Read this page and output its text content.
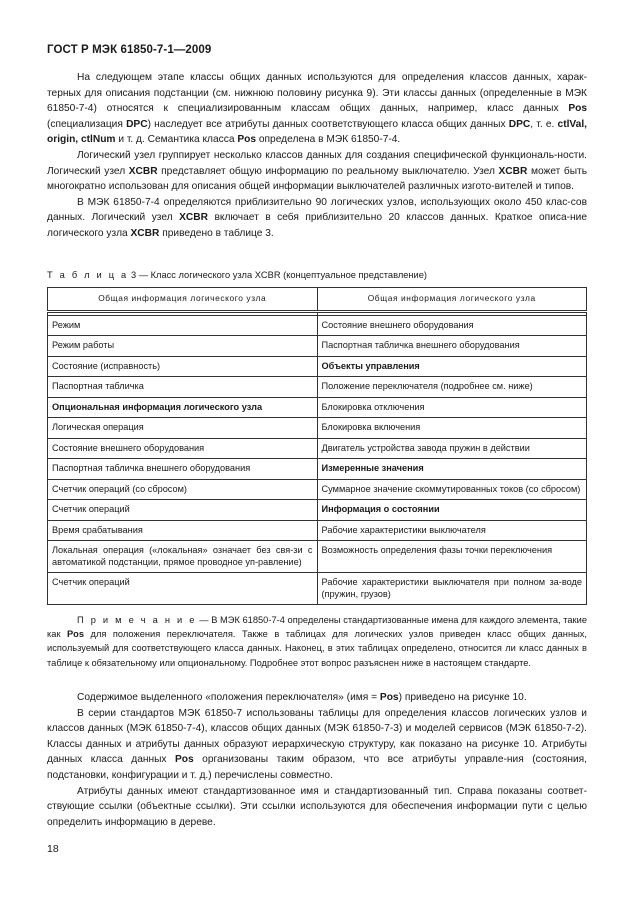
ГОСТ Р МЭК 61850-7-1—2009

На следующем этапе классы общих данных используются для определения классов данных, харак-терных для описания подстанции (см. нижнюю половину рисунка 9). Эти классы данных (определенные в МЭК 61850-7-4) относятся к специализированным классам общих данных, например, класс данных Pos (специализация DPC) наследует все атрибуты данных соответствующего класса общих данных DPC, т. е. ctlVal, origin, ctlNum и т. д. Семантика класса Pos определена в МЭК 61850-7-4.

Логический узел группирует несколько классов данных для создания специфической функциональ-ности. Логический узел XCBR представляет общую информацию по реальному выключателю. Узел XCBR может быть многократно использован для описания общей информации выключателей различных изгото-вителей и типов.

В МЭК 61850-7-4 определяются приблизительно 90 логических узлов, использующих около 450 клас-сов данных. Логический узел XCBR включает в себя приблизительно 20 классов данных. Краткое описа-ние логического узла XCBR приведено в таблице 3.

Т а б л и ц а 3 — Класс логического узла XCBR (концептуальное представление)
Общая информация логического узла	Общая информация логического узла

Режим	Состояние внешнего оборудования
Режим работы	Паспортная табличка внешнего оборудования
Состояние (исправность)	Объекты управления
Паспортная табличка	Положение переключателя (подробнее см. ниже)
Опциональная информация логического узла	Блокировка отключения
Логическая операция	Блокировка включения
Состояние внешнего оборудования	Двигатель устройства завода пружин в действии
Паспортная табличка внешнего оборудования	Измеренные значения
Счетчик операций (со сбросом)	Суммарное значение скоммутированных токов (со сбросом)
Счетчик операций	Информация о состоянии
Время срабатывания	Рабочие характеристики выключателя
Локальная операция («локальная» означает без свя-зи с автоматикой подстанции, прямое проводное уп-равление)	Возможность определения фазы точки переключения
Счетчик операций	Рабочие характеристики выключателя при полном за-воде (пружин, грузов)

П р и м е ч а н и е — В МЭК 61850-7-4 определены стандартизованные имена для каждого элемента, такие как Pos для положения переключателя. Также в таблицах для логических узлов приведен класс общих данных, используемый для соответствующего класса данных. Наконец, в этих таблицах определено, относится ли класс данных в таблице к обязательному или опциональному. Подробнее этот вопрос разъяснен ниже в настоящем стандарте.

Содержимое выделенного «положения переключателя» (имя = Pos) приведено на рисунке 10.

В серии стандартов МЭК 61850-7 использованы таблицы для определения классов логических узлов и классов данных (МЭК 61850-7-4), классов общих данных (МЭК 61850-7-3) и моделей сервисов (МЭК 61850-7-2). Классы данных и атрибуты данных образуют иерархическую структуру, как показано на рисунке 10. Атрибуты данных класса данных Pos организованы таким образом, что все атрибуты управле-ния (состояния, подстановки, конфигурации и т. д.) перечислены совместно.

Атрибуты данных имеют стандартизованное имя и стандартизованный тип. Справа показаны соответ-ствующие ссылки (объектные ссылки). Эти ссылки используются для обеспечения информации пути с целью определить информацию в дереве.

18
